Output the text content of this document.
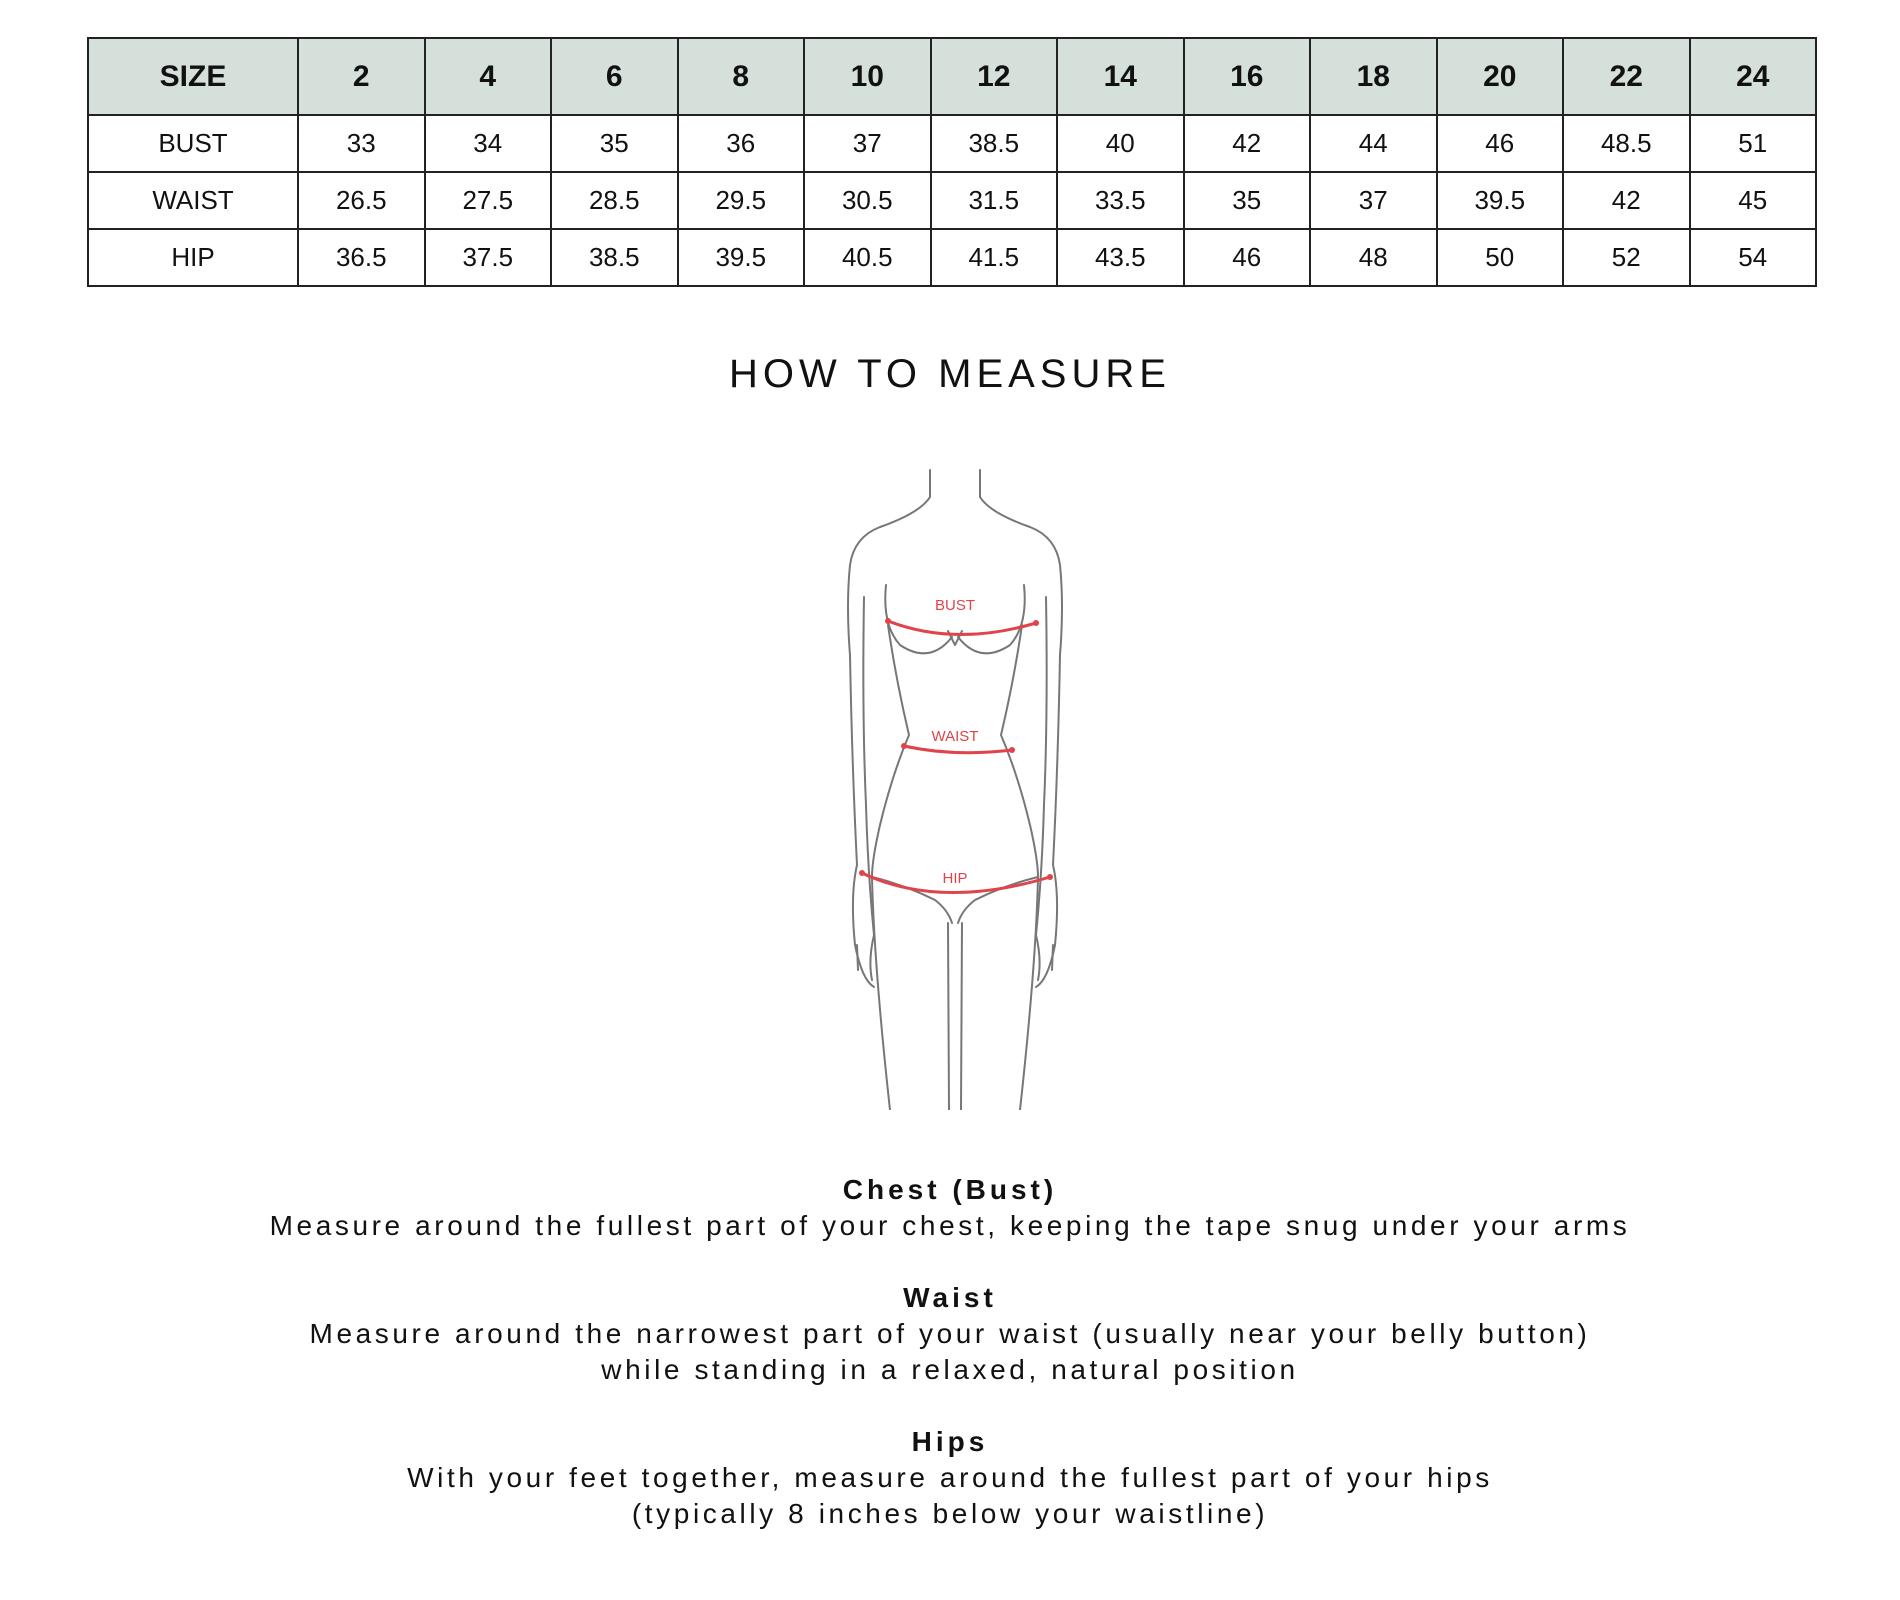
SIZE	2	4	6	8	10	12	14	16	18	20	22	24
BUST	33	34	35	36	37	38.5	40	42	44	46	48.5	51
WAIST	26.5	27.5	28.5	29.5	30.5	31.5	33.5	35	37	39.5	42	45
HIP	36.5	37.5	38.5	39.5	40.5	41.5	43.5	46	48	50	52	54
HOW TO MEASURE
BUST
WAIST
HIP
Chest (Bust)
Measure around the fullest part of your chest, keeping the tape snug under your arms
Waist
Measure around the narrowest part of your waist (usually near your belly button)
while standing in a relaxed, natural position
Hips
With your feet together, measure around the fullest part of your hips
(typically 8 inches below your waistline)
